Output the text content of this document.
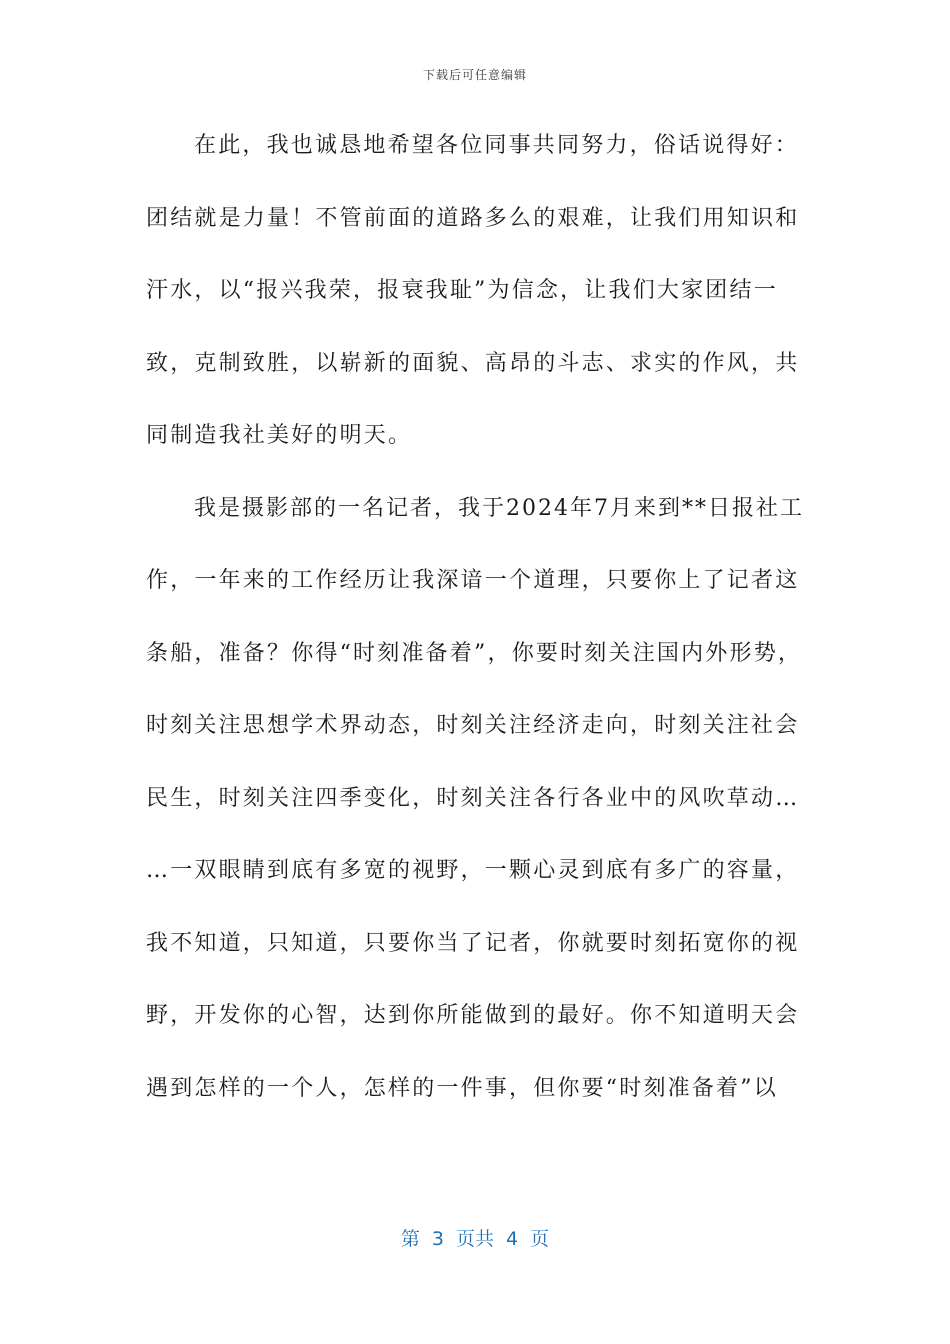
下载后可任意编辑
在此，我也诚恳地希望各位同事共同努力，俗话说得好：
团结就是力量！不管前面的道路多么的艰难，让我们用知识和
汗水，以“报兴我荣，报衰我耻”为信念，让我们大家团结一
致，克制致胜，以崭新的面貌、高昂的斗志、求实的作风，共
同制造我社美好的明天。
我是摄影部的一名记者，我于2024年7月来到**日报社工
作，一年来的工作经历让我深谙一个道理，只要你上了记者这
条船，准备？你得“时刻准备着”，你要时刻关注国内外形势，
时刻关注思想学术界动态，时刻关注经济走向，时刻关注社会
民生，时刻关注四季变化，时刻关注各行各业中的风吹草动…
…一双眼睛到底有多宽的视野，一颗心灵到底有多广的容量，
我不知道，只知道，只要你当了记者，你就要时刻拓宽你的视
野，开发你的心智，达到你所能做到的最好。你不知道明天会
遇到怎样的一个人，怎样的一件事，但你要“时刻准备着”以
第 3 页共 4 页
